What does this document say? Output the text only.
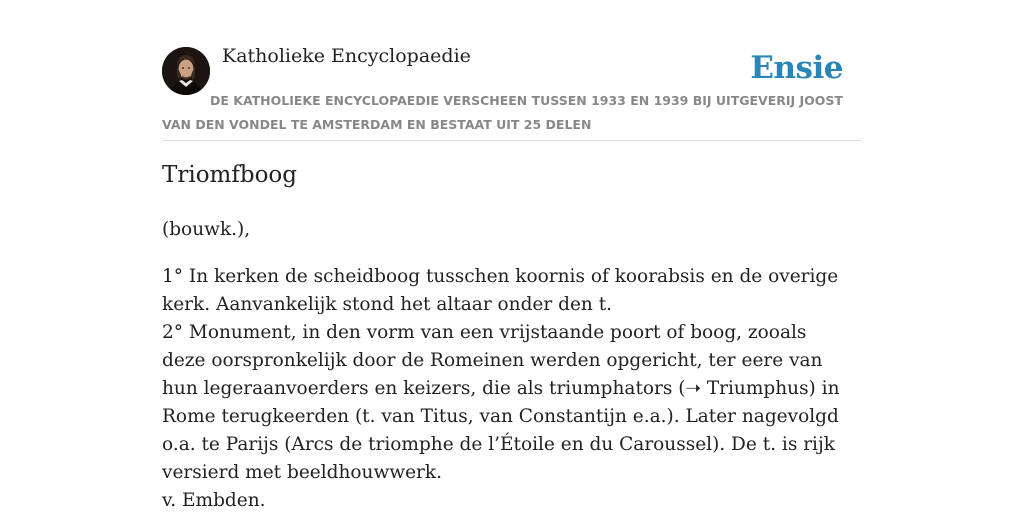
Katholieke Encyclopaedie	Ensie
DE KATHOLIEKE ENCYCLOPAEDIE VERSCHEEN TUSSEN 1933 EN 1939 BIJ UITGEVERIJ JOOST VAN DEN VONDEL TE AMSTERDAM EN BESTAAT UIT 25 DELEN
Triomfboog

(bouwk.),

1° In kerken de scheidboog tusschen koornis of koorabsis en de overige kerk. Aanvankelijk stond het altaar onder den t.
2° Monument, in den vorm van een vrijstaande poort of boog, zooals deze oorspronkelijk door de Romeinen werden opgericht, ter eere van hun legeraanvoerders en keizers, die als triumphators (➝ Triumphus) in Rome terugkeerden (t. van Titus, van Constantijn e.a.). Later nagevolgd o.a. te Parijs (Arcs de triomphe de l’Étoile en du Caroussel). De t. is rijk versierd met beeldhouwwerk.
v. Embden.
